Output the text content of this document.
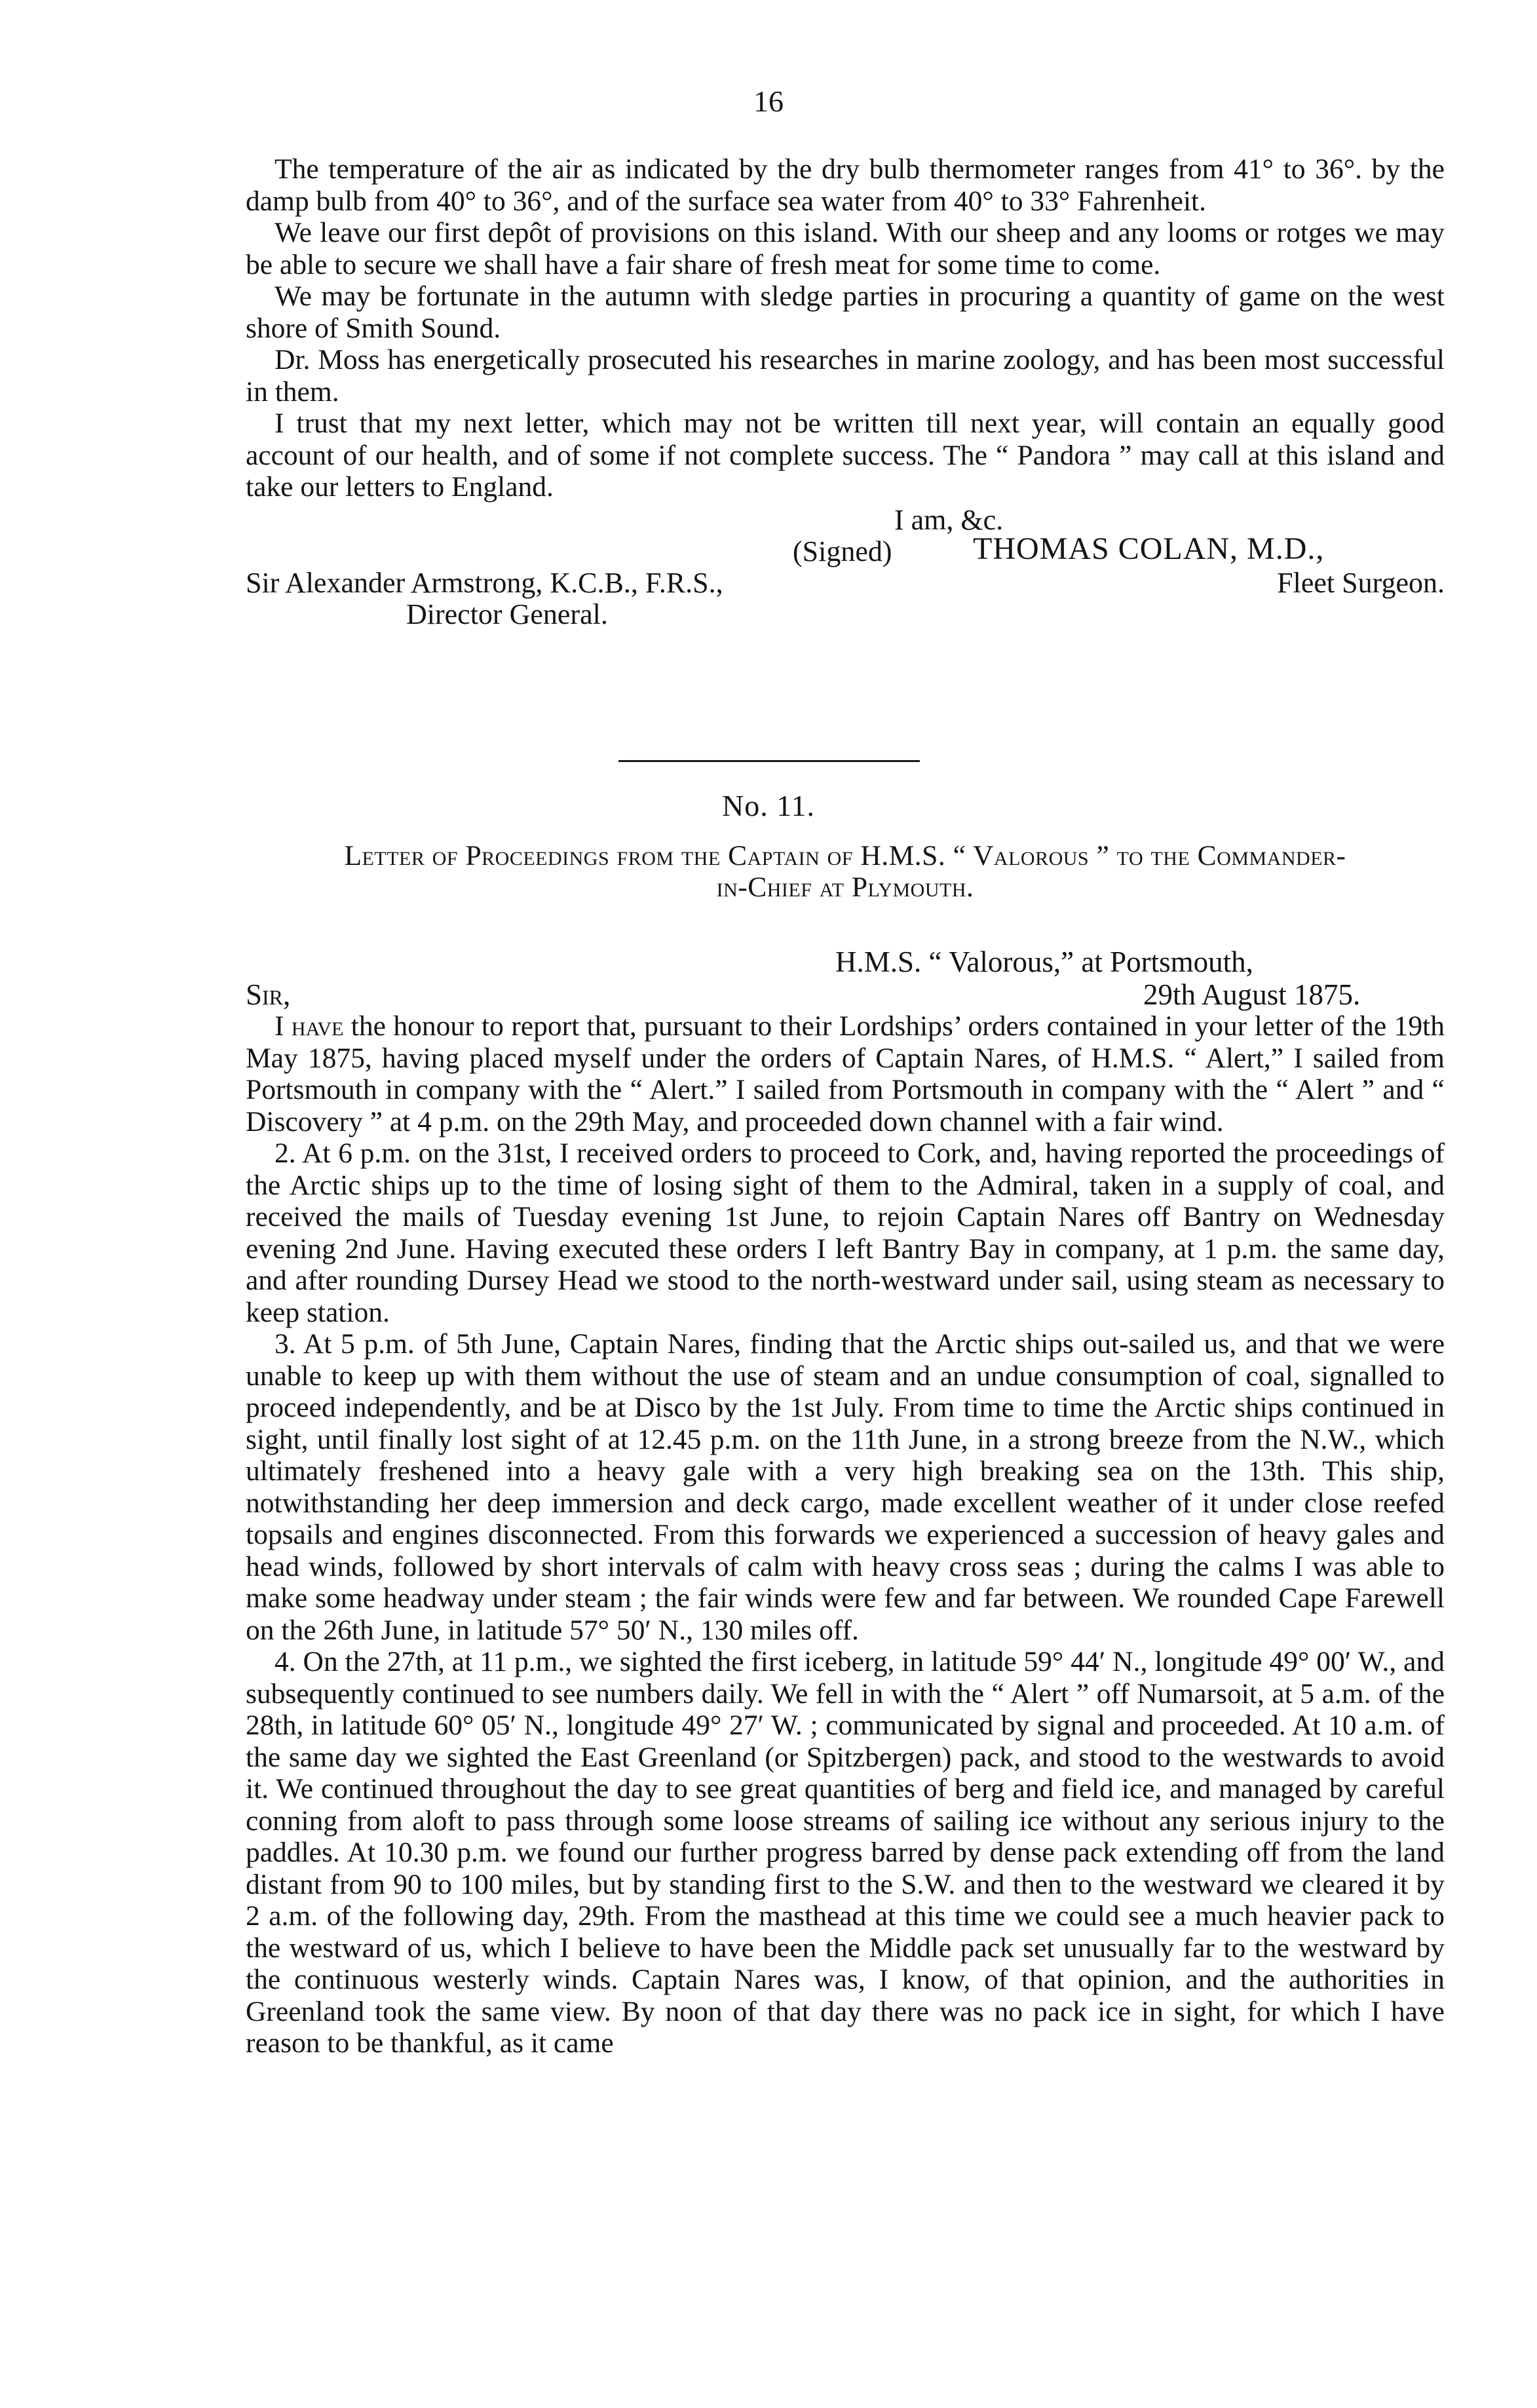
16

The temperature of the air as indicated by the dry bulb thermometer ranges from 41° to 36°. by the damp bulb from 40° to 36°, and of the surface sea water from 40° to 33° Fahrenheit.

We leave our first depôt of provisions on this island. With our sheep and any looms or rotges we may be able to secure we shall have a fair share of fresh meat for some time to come.

We may be fortunate in the autumn with sledge parties in procuring a quantity of game on the west shore of Smith Sound.

Dr. Moss has energetically prosecuted his researches in marine zoology, and has been most successful in them.

I trust that my next letter, which may not be written till next year, will contain an equally good account of our health, and of some if not complete success. The “ Pandora ” may call at this island and take our letters to England.

I am, &c.
(Signed)	THOMAS COLAN, M.D.,
Sir Alexander Armstrong, K.C.B., F.R.S.,	Fleet Surgeon.
Director General.
No. 11.
Letter of Proceedings from the Captain of H.M.S. “ Valorous ” to the Commander-
in-Chief at Plymouth.
H.M.S. “ Valorous,” at Portsmouth,
Sir,	29th August 1875.

I have the honour to report that, pursuant to their Lordships’ orders contained in your letter of the 19th May 1875, having placed myself under the orders of Captain Nares, of H.M.S. “ Alert,” I sailed from Portsmouth in company with the “ Alert.” I sailed from Portsmouth in company with the “ Alert ” and “ Discovery ” at 4 p.m. on the 29th May, and proceeded down channel with a fair wind.

2. At 6 p.m. on the 31st, I received orders to proceed to Cork, and, having reported the proceedings of the Arctic ships up to the time of losing sight of them to the Admiral, taken in a supply of coal, and received the mails of Tuesday evening 1st June, to rejoin Captain Nares off Bantry on Wednesday evening 2nd June. Having executed these orders I left Bantry Bay in company, at 1 p.m. the same day, and after rounding Dursey Head we stood to the north-westward under sail, using steam as necessary to keep station.

3. At 5 p.m. of 5th June, Captain Nares, finding that the Arctic ships out-sailed us, and that we were unable to keep up with them without the use of steam and an undue consumption of coal, signalled to proceed independently, and be at Disco by the 1st July. From time to time the Arctic ships continued in sight, until finally lost sight of at 12.45 p.m. on the 11th June, in a strong breeze from the N.W., which ultimately freshened into a heavy gale with a very high breaking sea on the 13th. This ship, notwithstanding her deep immersion and deck cargo, made excellent weather of it under close reefed topsails and engines disconnected. From this forwards we experienced a succession of heavy gales and head winds, followed by short intervals of calm with heavy cross seas ; during the calms I was able to make some headway under steam ; the fair winds were few and far between. We rounded Cape Farewell on the 26th June, in latitude 57° 50′ N., 130 miles off.

4. On the 27th, at 11 p.m., we sighted the first iceberg, in latitude 59° 44′ N., longitude 49° 00′ W., and subsequently continued to see numbers daily. We fell in with the “ Alert ” off Numarsoit, at 5 a.m. of the 28th, in latitude 60° 05′ N., longitude 49° 27′ W. ; communicated by signal and proceeded. At 10 a.m. of the same day we sighted the East Greenland (or Spitzbergen) pack, and stood to the westwards to avoid it. We continued throughout the day to see great quantities of berg and field ice, and managed by careful conning from aloft to pass through some loose streams of sailing ice without any serious injury to the paddles. At 10.30 p.m. we found our further progress barred by dense pack extending off from the land distant from 90 to 100 miles, but by standing first to the S.W. and then to the westward we cleared it by 2 a.m. of the following day, 29th. From the masthead at this time we could see a much heavier pack to the westward of us, which I believe to have been the Middle pack set unusually far to the westward by the continuous westerly winds. Captain Nares was, I know, of that opinion, and the authorities in Greenland took the same view. By noon of that day there was no pack ice in sight, for which I have reason to be thankful, as it came
